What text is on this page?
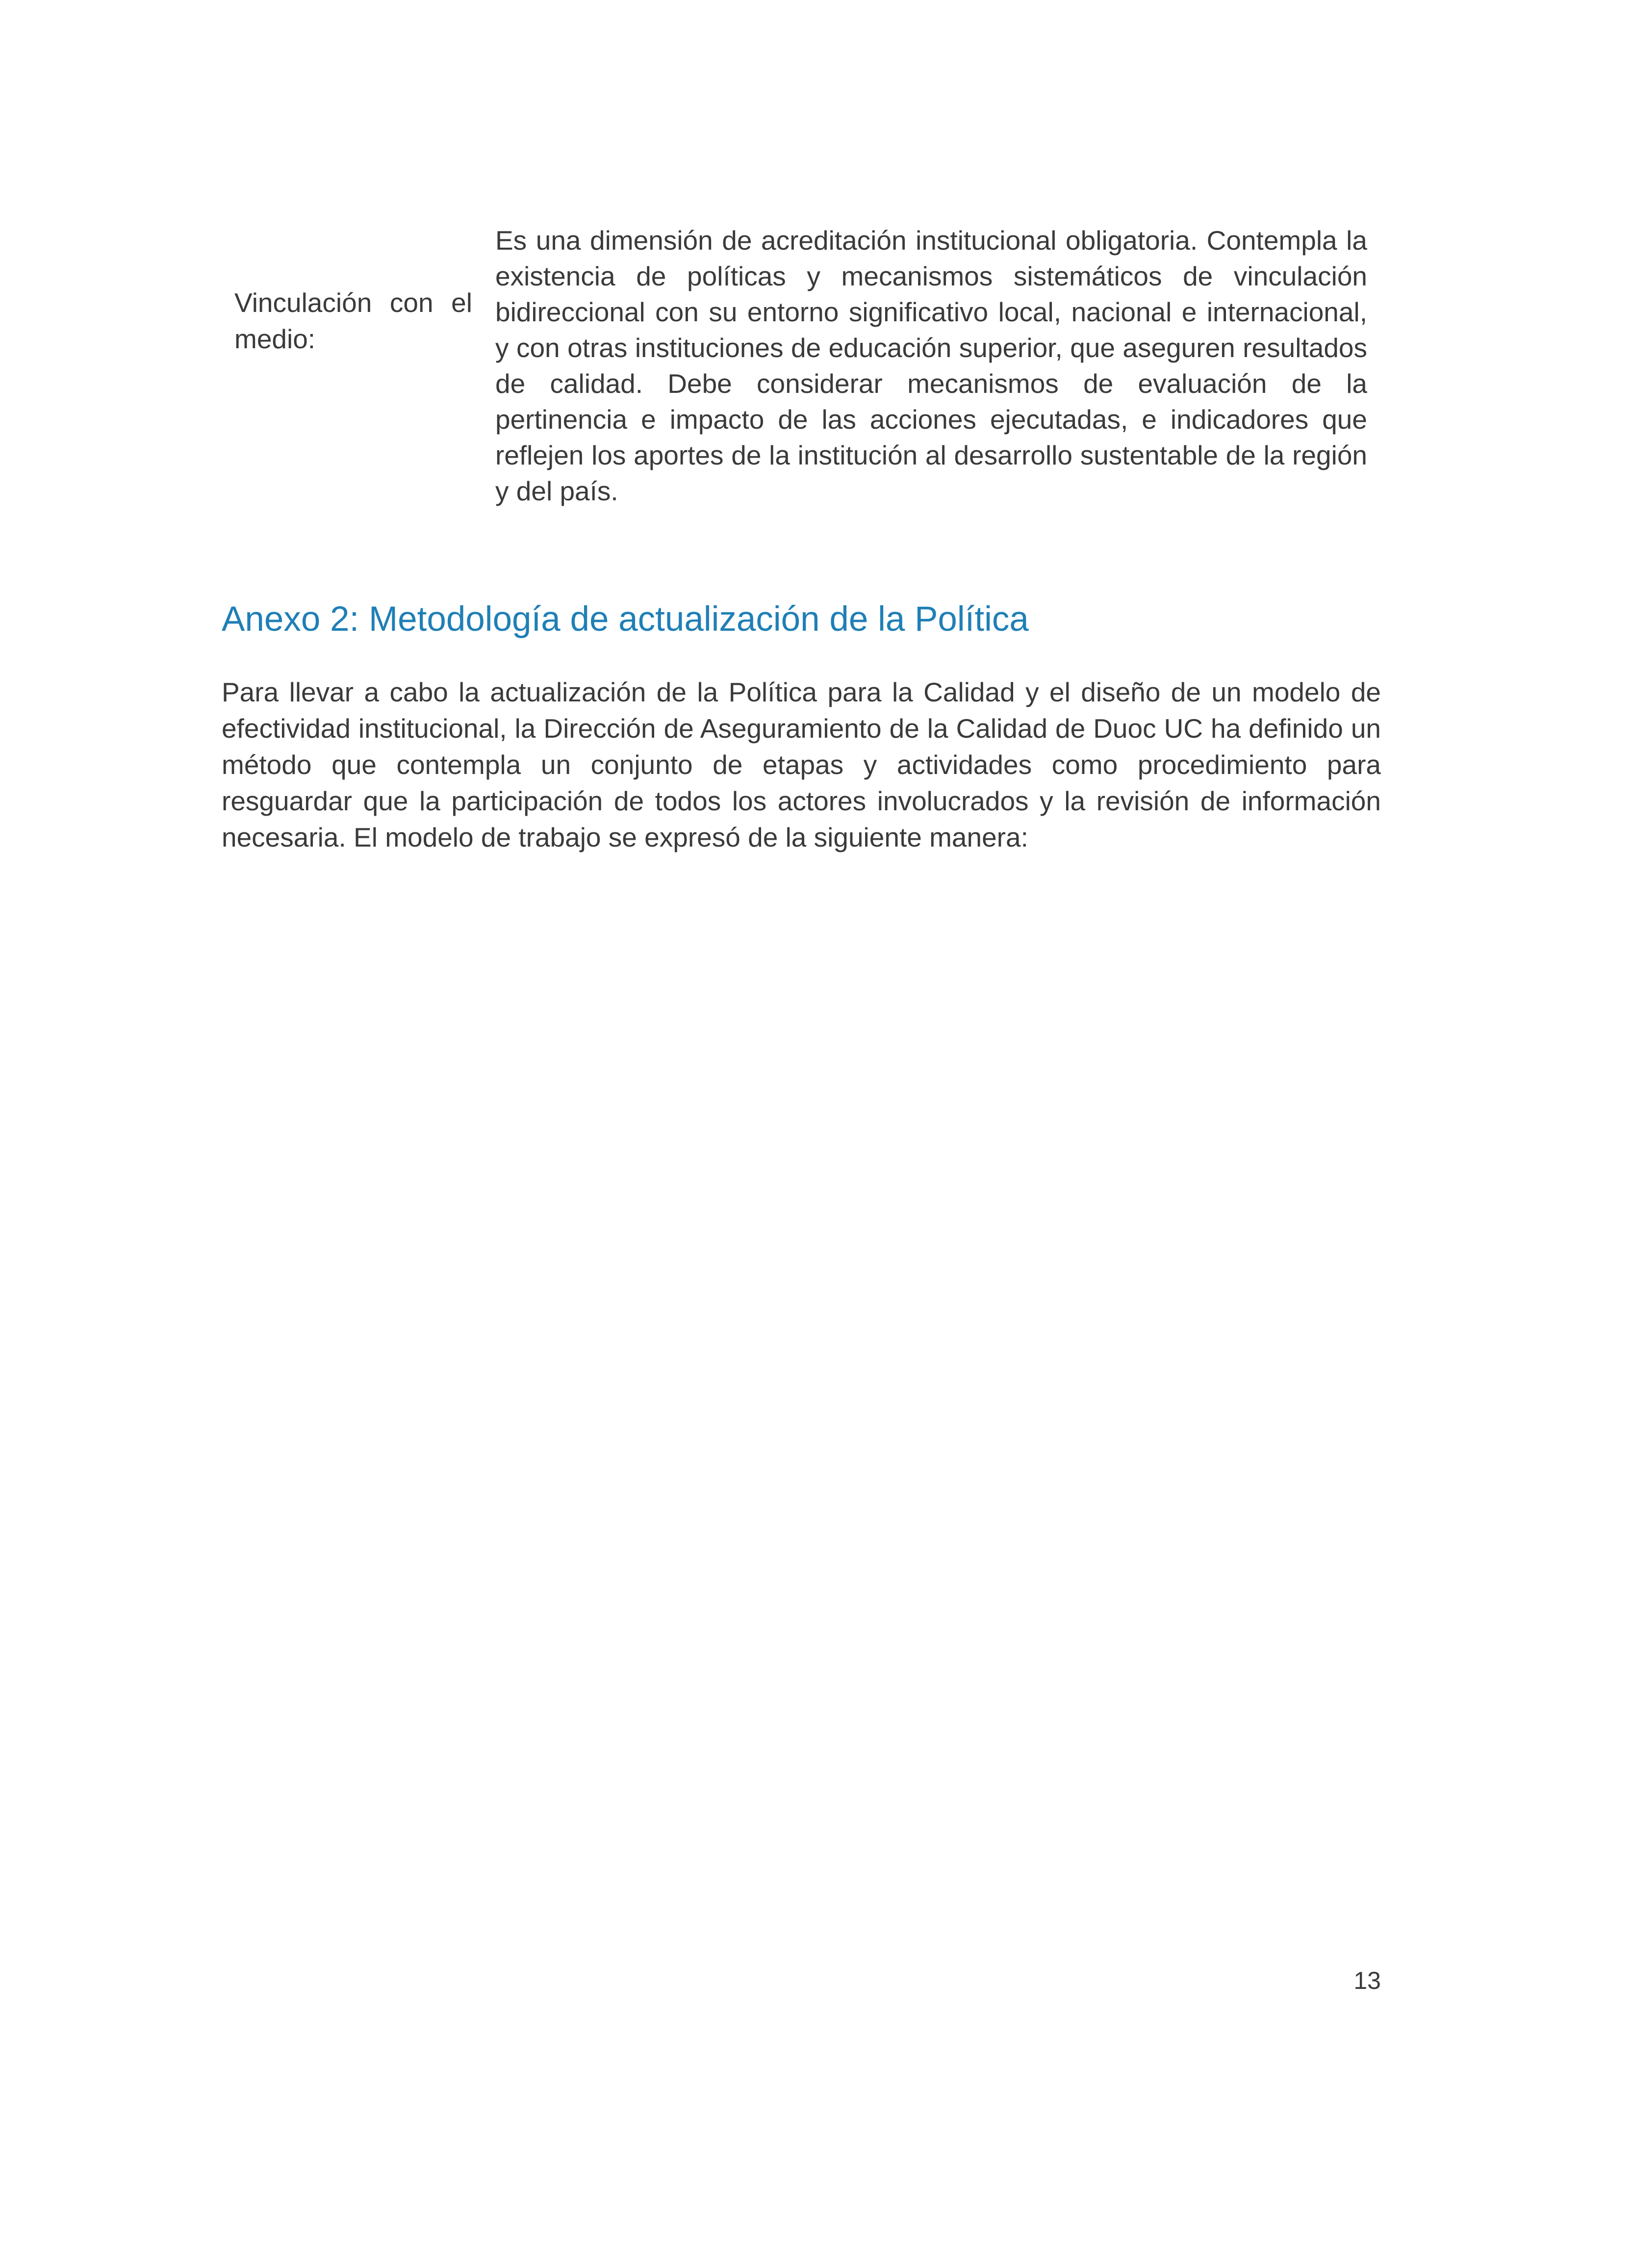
Vinculación con el medio:
Es una dimensión de acreditación institucional obligatoria. Contempla la existencia de políticas y mecanismos sistemáticos de vinculación bidireccional con su entorno significativo local, nacional e internacional, y con otras instituciones de educación superior, que aseguren resultados de calidad. Debe considerar mecanismos de evaluación de la pertinencia e impacto de las acciones ejecutadas, e indicadores que reflejen los aportes de la institución al desarrollo sustentable de la región y del país.
Anexo 2: Metodología de actualización de la Política

Para llevar a cabo la actualización de la Política para la Calidad y el diseño de un modelo de efectividad institucional, la Dirección de Aseguramiento de la Calidad de Duoc UC ha definido un método que contempla un conjunto de etapas y actividades como procedimiento para resguardar que la participación de todos los actores involucrados y la revisión de información necesaria. El modelo de trabajo se expresó de la siguiente manera:

13
